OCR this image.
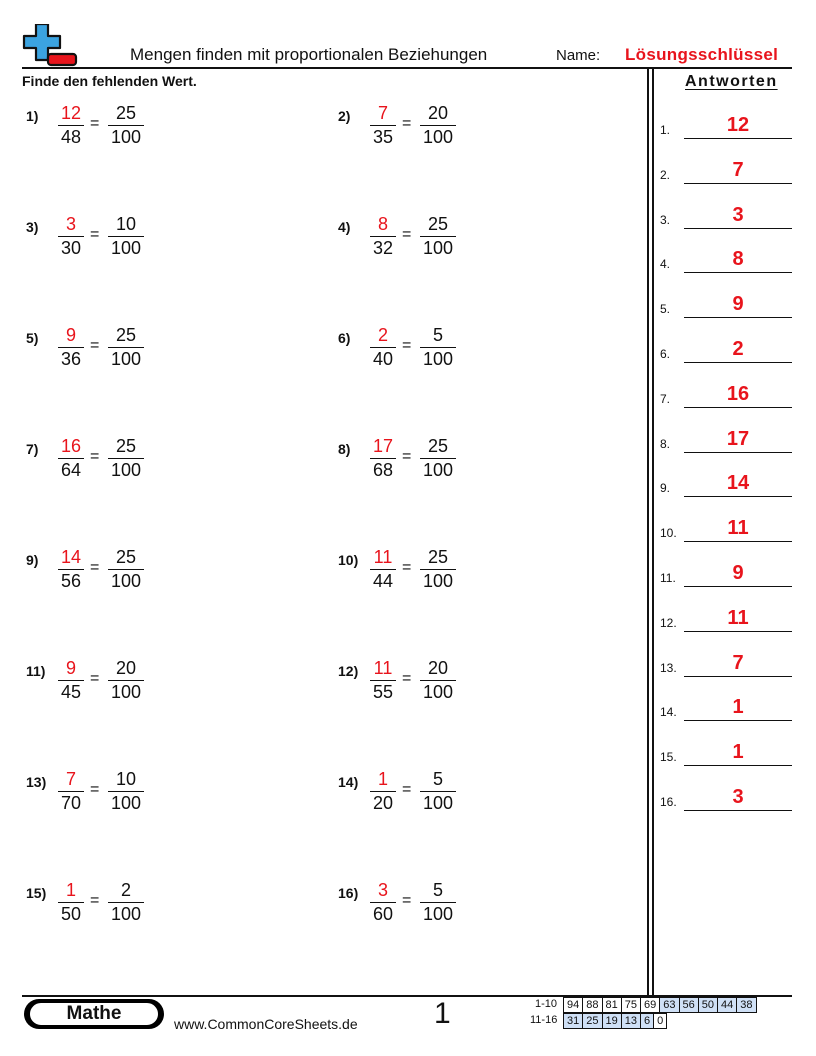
Mengen finden mit proportionalen Beziehungen	Name: Lösungsschlüssel
Finde den fehlenden Wert.
1) 12
48
=
25
100
2)	7
35
=
20
100
3)	3
30
=
10
100
4)	8
32
=
25
100
5)	9
36
=
25
100
6)	2
40
=
5
100
7) 16
64
=
25
100
8) 17
68
=
25
100
9) 14
56
=
25
100
10) 11
44
=
25
100
11)	9
45
=
20
100
12) 11
55
=
20
100
13)	7
70
=
10
100
14)	1
20
=
5
100
15)	1
50
=
2
100
16)	3
60
=
5
100
Antworten
1.	12
2.	7
3.	3
4.	8
5.	9
6.	2
7.	16
8.	17
9.	14
10.	11
11.	9
12.	11
13.	7
14.	1
15.	1
16.	3
Mathe	www.CommonCoreSheets.de	1	1-10 94	88	81	75	69	63	56	50	44	38
11-16 31	25	19	13	6	0
